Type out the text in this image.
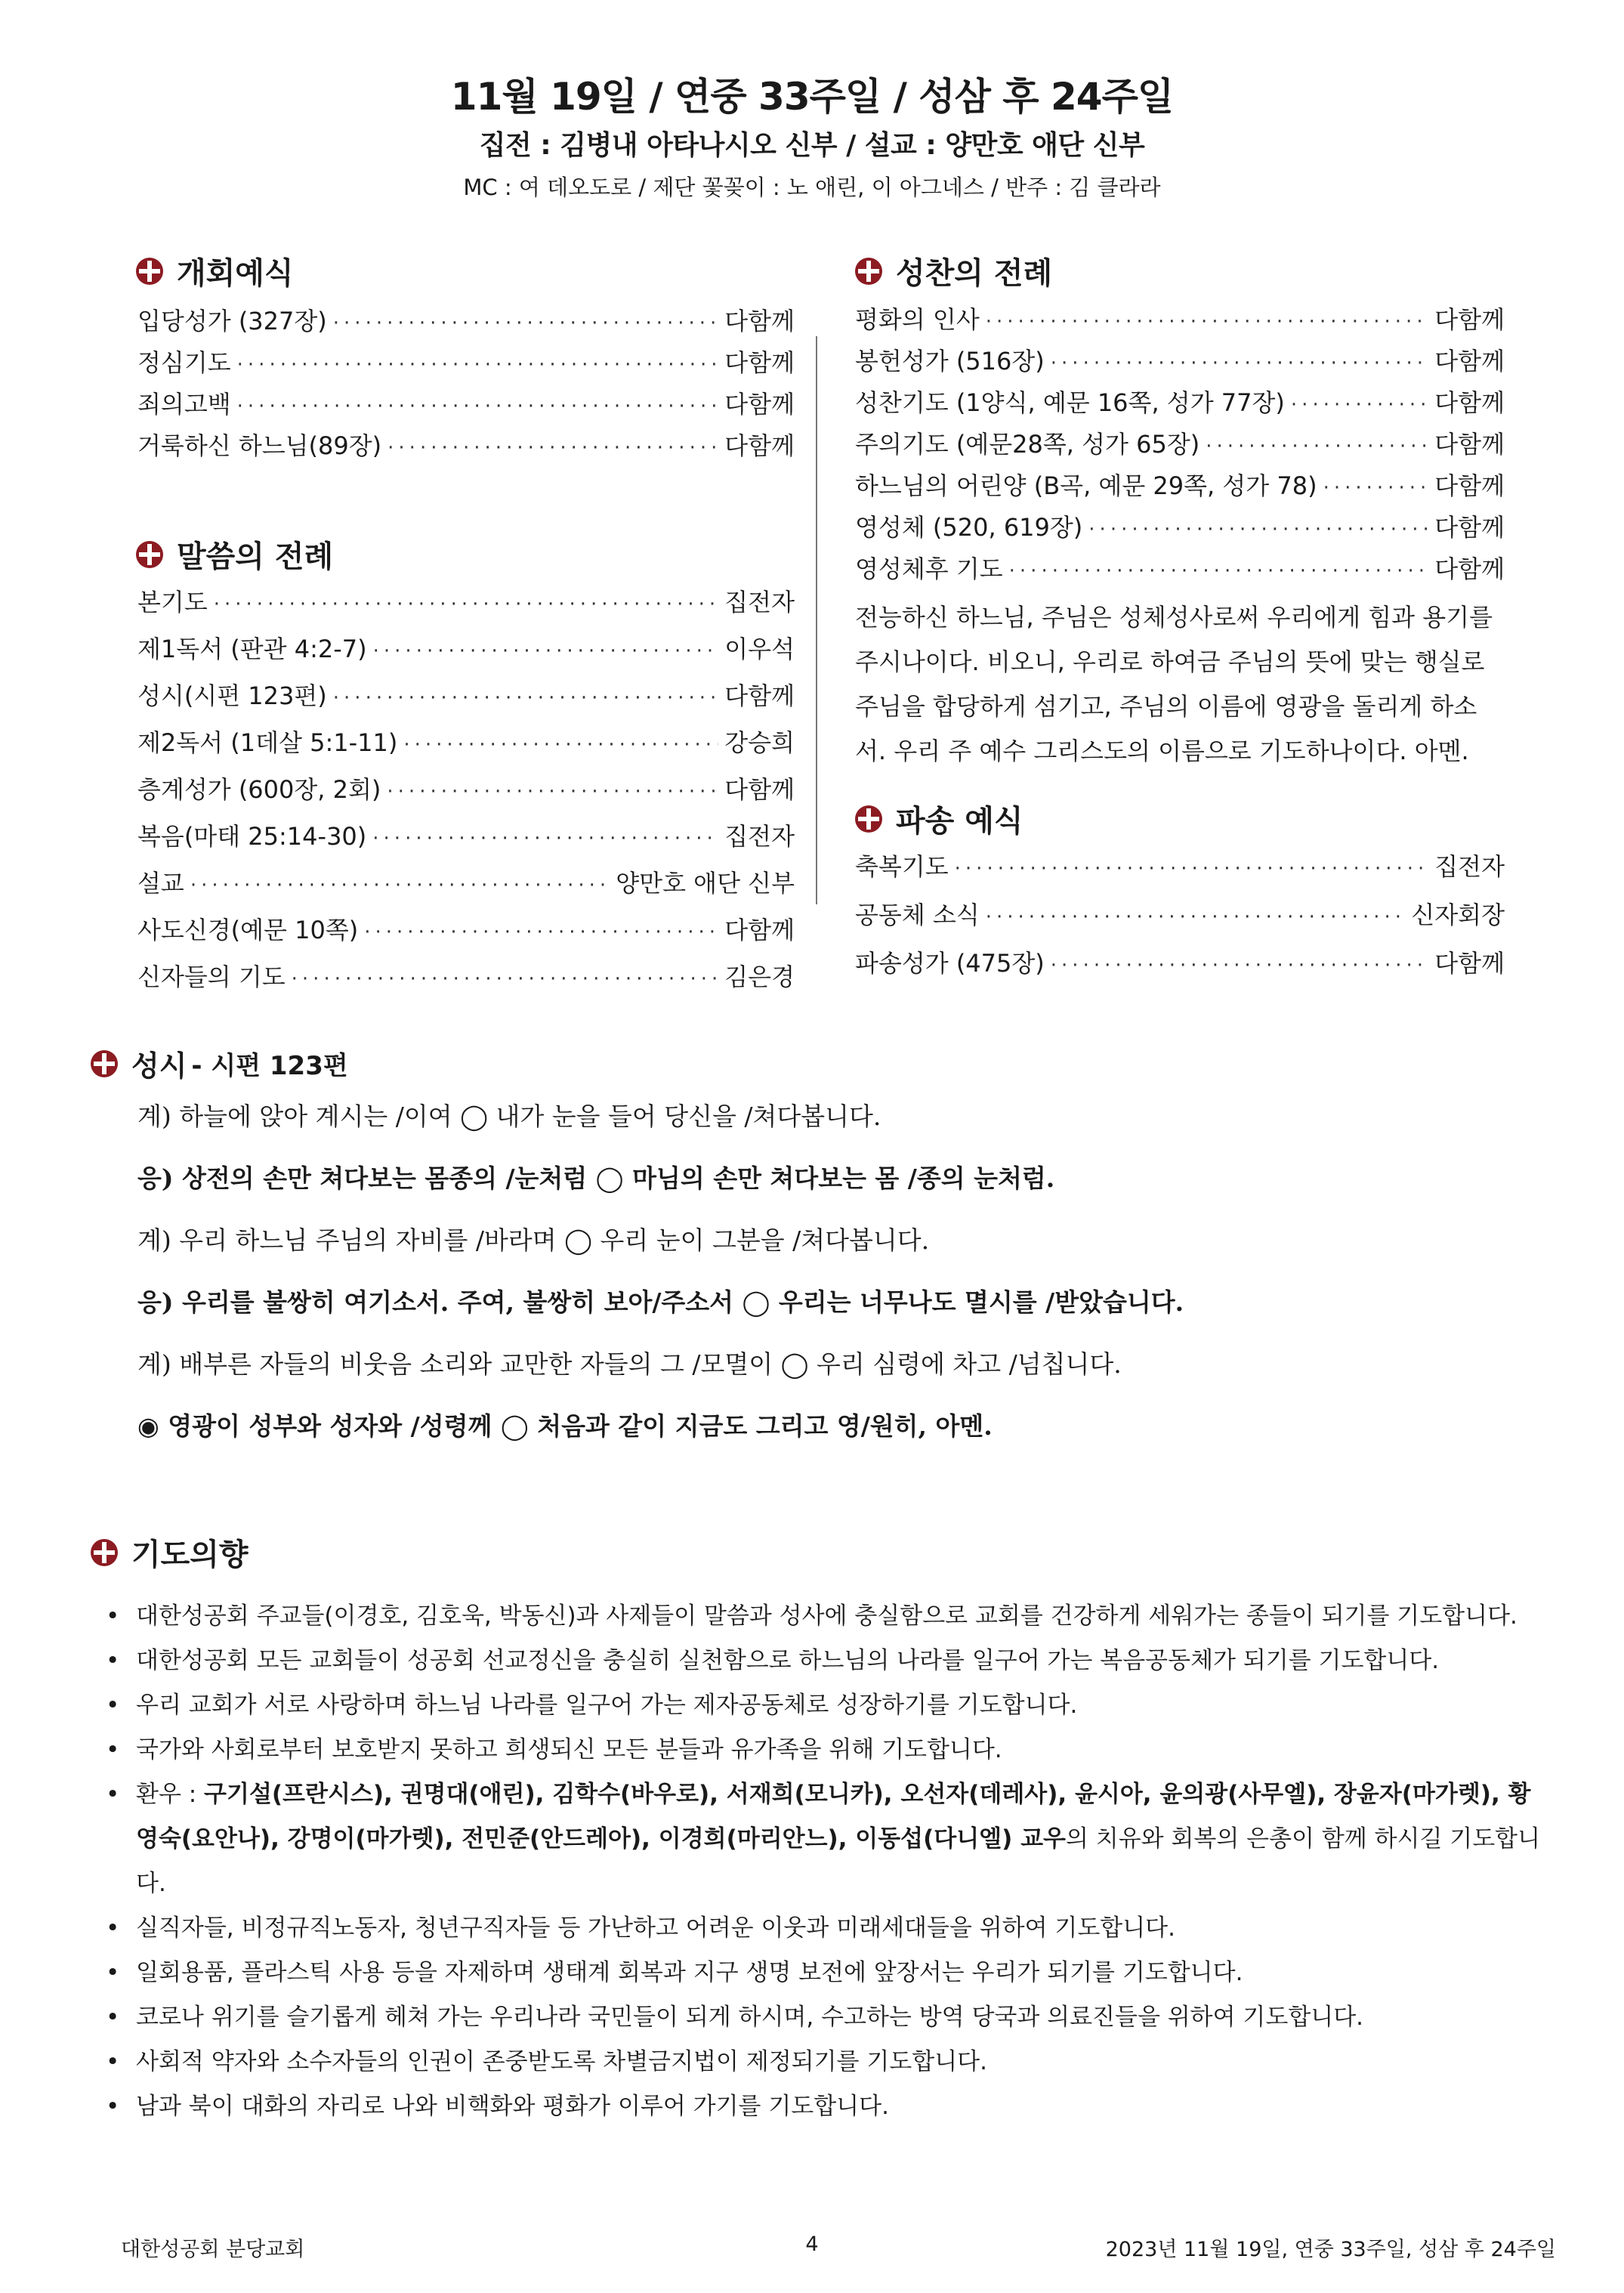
11월 19일 / 연중 33주일 / 성삼 후 24주일
집전 : 김병내 아타나시오 신부 / 설교 : 양만호 애단 신부
MC : 여 데오도로 / 제단 꽃꽂이 : 노 애린, 이 아그네스 / 반주 : 김 클라라
개회예식
입당성가 (327장) ·····	다함께
정심기도 ·····	다함께
죄의고백 ·····	다함께
거룩하신 하느님(89장) ·····	다함께
말씀의 전례
본기도 ·····	집전자
제1독서 (판관 4:2-7) ·····	이우석
성시(시편 123편) ·····	다함께
제2독서 (1데살 5:1-11) ·····	강승희
층계성가 (600장, 2회) ·····	다함께
복음(마태 25:14-30) ·····	집전자
설교 ·····	양만호 애단 신부
사도신경(예문 10쪽) ·····	다함께
신자들의 기도 ·····	김은경
성찬의 전례
평화의 인사 ·····	다함께
봉헌성가 (516장) ·····	다함께
성찬기도 (1양식, 예문 16쪽, 성가 77장) ·····	다함께
주의기도 (예문28쪽, 성가 65장) ·····	다함께
하느님의 어린양 (B곡, 예문 29쪽, 성가 78) ·····	다함께
영성체 (520, 619장) ·····	다함께
영성체후 기도 ·····	다함께
전능하신 하느님, 주님은 성체성사로써 우리에게 힘과 용기를
주시나이다. 비오니, 우리로 하여금 주님의 뜻에 맞는 행실로
주님을 합당하게 섬기고, 주님의 이름에 영광을 돌리게 하소
서. 우리 주 예수 그리스도의 이름으로 기도하나이다. 아멘.
파송 예식
축복기도 ·····	집전자
공동체 소식 ·····	신자회장
파송성가 (475장) ·····	다함께
성시 - 시편 123편
계) 하늘에 앉아 계시는 /이여 ◯ 내가 눈을 들어 당신을 /쳐다봅니다.
응) 상전의 손만 쳐다보는 몸종의 /눈처럼 ◯ 마님의 손만 쳐다보는 몸 /종의 눈처럼.
계) 우리 하느님 주님의 자비를 /바라며 ◯ 우리 눈이 그분을 /쳐다봅니다.
응) 우리를 불쌍히 여기소서. 주여, 불쌍히 보아/주소서 ◯ 우리는 너무나도 멸시를 /받았습니다.
계) 배부른 자들의 비웃음 소리와 교만한 자들의 그 /모멸이 ◯ 우리 심령에 차고 /넘칩니다.
◉ 영광이 성부와 성자와 /성령께 ◯ 처음과 같이 지금도 그리고 영/원히, 아멘.
기도의향
• 대한성공회 주교들(이경호, 김호욱, 박동신)과 사제들이 말씀과 성사에 충실함으로 교회를 건강하게 세워가는 종들이 되기를 기도합니다.
• 대한성공회 모든 교회들이 성공회 선교정신을 충실히 실천함으로 하느님의 나라를 일구어 가는 복음공동체가 되기를 기도합니다.
• 우리 교회가 서로 사랑하며 하느님 나라를 일구어 가는 제자공동체로 성장하기를 기도합니다.
• 국가와 사회로부터 보호받지 못하고 희생되신 모든 분들과 유가족을 위해 기도합니다.
• 환우 : 구기설(프란시스), 권명대(애린), 김학수(바우로), 서재희(모니카), 오선자(데레사), 윤시아, 윤의광(사무엘), 장윤자(마가렛), 황영숙(요안나), 강명이(마가렛), 전민준(안드레아), 이경희(마리안느), 이동섭(다니엘) 교우의 치유와 회복의 은총이 함께 하시길 기도합니다.
• 실직자들, 비정규직노동자, 청년구직자들 등 가난하고 어려운 이웃과 미래세대들을 위하여 기도합니다.
• 일회용품, 플라스틱 사용 등을 자제하며 생태계 회복과 지구 생명 보전에 앞장서는 우리가 되기를 기도합니다.
• 코로나 위기를 슬기롭게 헤쳐 가는 우리나라 국민들이 되게 하시며, 수고하는 방역 당국과 의료진들을 위하여 기도합니다.
• 사회적 약자와 소수자들의 인권이 존중받도록 차별금지법이 제정되기를 기도합니다.
• 남과 북이 대화의 자리로 나와 비핵화와 평화가 이루어 가기를 기도합니다.
대한성공회 분당교회	4	2023년 11월 19일, 연중 33주일, 성삼 후 24주일
